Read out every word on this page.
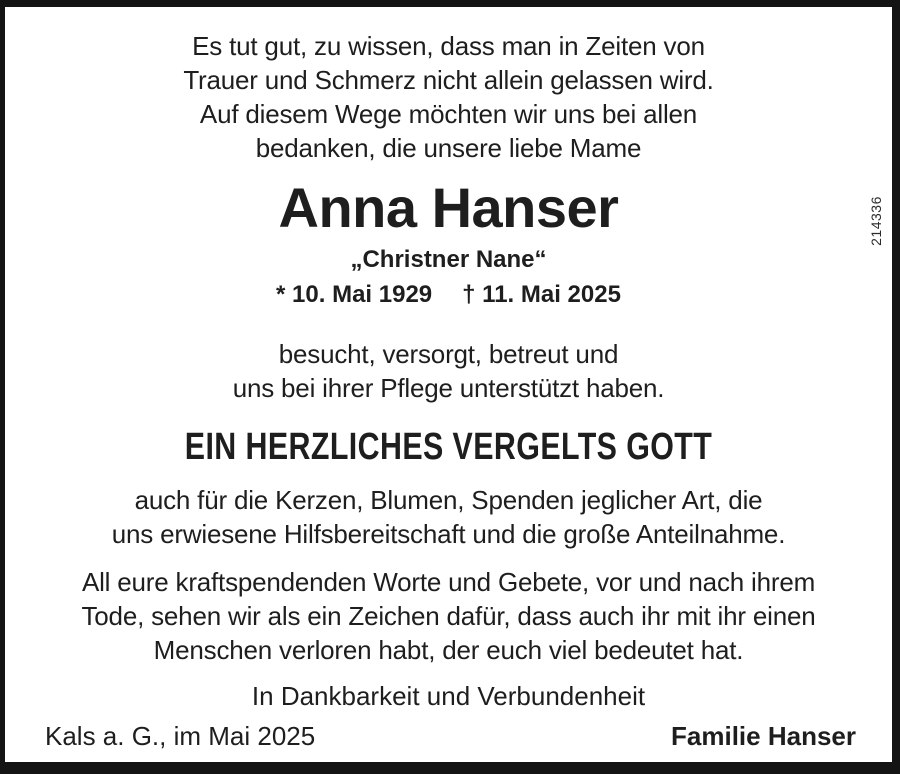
214336

Es tut gut, zu wissen, dass man in Zeiten von
Trauer und Schmerz nicht allein gelassen wird.
Auf diesem Wege möchten wir uns bei allen
bedanken, die unsere liebe Mame

Anna Hanser
„Christner Nane“
* 10. Mai 1929 † 11. Mai 2025

besucht, versorgt, betreut und
uns bei ihrer Pflege unterstützt haben.

EIN HERZLICHES VERGELTS GOTT

auch für die Kerzen, Blumen, Spenden jeglicher Art, die
uns erwiesene Hilfsbereitschaft und die große Anteilnahme.

All eure kraftspendenden Worte und Gebete, vor und nach ihrem
Tode, sehen wir als ein Zeichen dafür, dass auch ihr mit ihr einen
Menschen verloren habt, der euch viel bedeutet hat.

In Dankbarkeit und Verbundenheit

Kals a. G., im Mai 2025	Familie Hanser
